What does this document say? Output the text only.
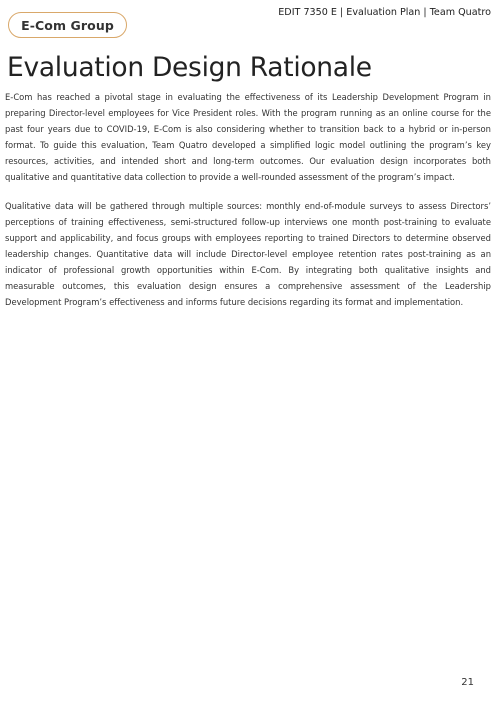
E-Com Group
EDIT 7350 E | Evaluation Plan | Team Quatro
Evaluation Design Rationale

E-Com has reached a pivotal stage in evaluating the effectiveness of its Leadership Development Program in preparing Director-level employees for Vice President roles. With the program running as an online course for the past four years due to COVID-19, E-Com is also considering whether to transition back to a hybrid or in-person format. To guide this evaluation, Team Quatro developed a simplified logic model outlining the program’s key resources, activities, and intended short and long-term outcomes. Our evaluation design incorporates both qualitative and quantitative data collection to provide a well-rounded assessment of the program’s impact.

Qualitative data will be gathered through multiple sources: monthly end-of-module surveys to assess Directors’ perceptions of training effectiveness, semi-structured follow-up interviews one month post-training to evaluate support and applicability, and focus groups with employees reporting to trained Directors to determine observed leadership changes. Quantitative data will include Director-level employee retention rates post-training as an indicator of professional growth opportunities within E-Com. By integrating both qualitative insights and measurable outcomes, this evaluation design ensures a comprehensive assessment of the Leadership Development Program’s effectiveness and informs future decisions regarding its format and implementation.

21
